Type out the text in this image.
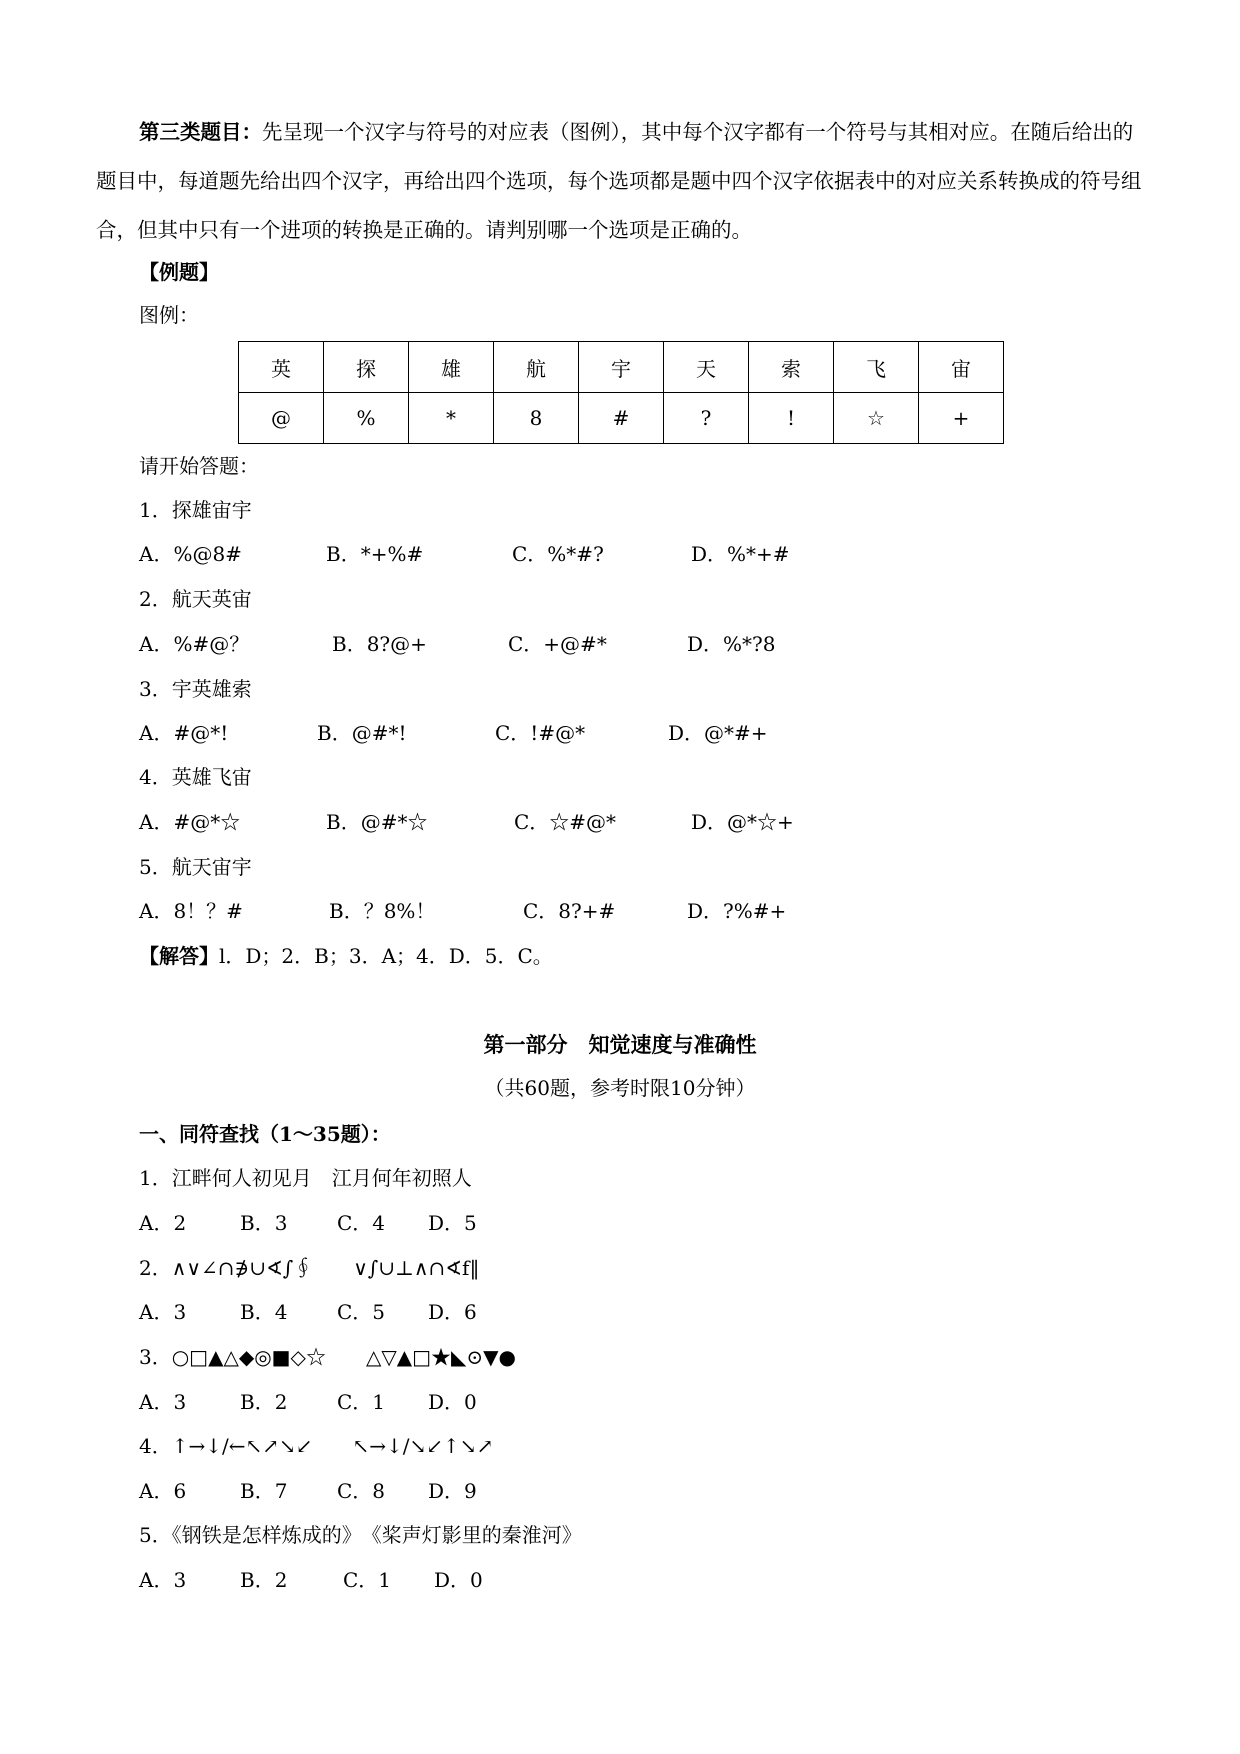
第三类题目：先呈现一个汉字与符号的对应表（图例），其中每个汉字都有一个符号与其相对应。在随后给出的题目中，每道题先给出四个汉字，再给出四个选项，每个选项都是题中四个汉字依据表中的对应关系转换成的符号组合，但其中只有一个进项的转换是正确的。请判别哪一个选项是正确的。

【例题】
图例：
英	探	雄	航	宇	天	索	飞	宙
@	%	*	8	#	?	!	☆	+
请开始答题：
1．探雄宙宇
A．%@8#	B．*+%#	C．%*#?	D．%*+#
2．航天英宙
A．%#@？	B．8?@+	C．+@#*	D．%*?8
3．宇英雄索
A．#@*!	B．@#*!	C．!#@*	D．@*#+
4．英雄飞宙
A．#@*☆	B．@#*☆	C．☆#@*	D．@*☆+
5．航天宙宇
A．8！？#	B．？8%！	C．8?+#	D．?%#+
【解答】l．D；2．B；3．A；4．D．5．C。
第一部分　知觉速度与准确性
（共60题，参考时限10分钟）
一、同符查找（1～35题）：
1．江畔何人初见月　江月何年初照人
A．2	B．3 C．4 D．5
2．∧∨∠∩∌∪∢∫∮　　∨∫∪⊥∧∩∢f‖
A．3	B．4 C．5 D．6
3．○□▲△◆◎■◇☆　　△▽▲□★◣⊙▼●
A．3	B．2 C．1 D．0
4．↑→↓/←↖↗↘↙　　↖→↓/↘↙↑↘↗
A．6	B．7 C．8 D．9
5．《钢铁是怎样炼成的》　《桨声灯影里的秦淮河》
A．3	B．2	C．1 D．0
